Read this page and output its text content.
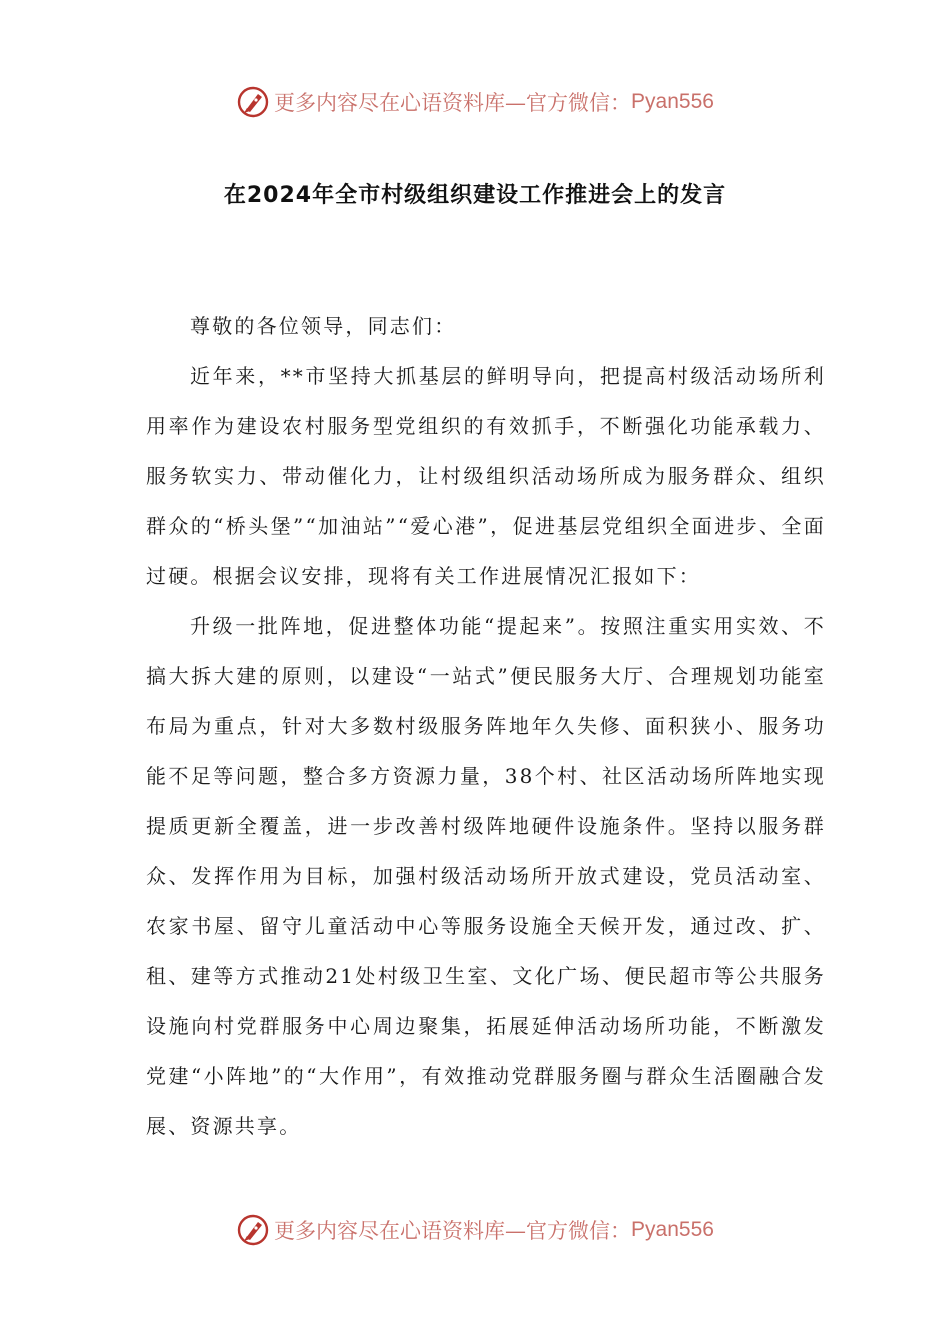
更多内容尽在心语资料库—官方微信： Pyan556
在2024年全市村级组织建设工作推进会上的发言

尊敬的各位领导，同志们：

近年来，**市坚持大抓基层的鲜明导向，把提高村级活动场所利用率作为建设农村服务型党组织的有效抓手，不断强化功能承载力、服务软实力、带动催化力，让村级组织活动场所成为服务群众、组织群众的“桥头堡”“加油站”“爱心港”，促进基层党组织全面进步、全面过硬。根据会议安排，现将有关工作进展情况汇报如下：

升级一批阵地，促进整体功能“提起来”。按照注重实用实效、不搞大拆大建的原则，以建设“一站式”便民服务大厅、合理规划功能室布局为重点，针对大多数村级服务阵地年久失修、面积狭小、服务功能不足等问题，整合多方资源力量，38个村、社区活动场所阵地实现提质更新全覆盖，进一步改善村级阵地硬件设施条件。坚持以服务群众、发挥作用为目标，加强村级活动场所开放式建设，党员活动室、农家书屋、留守儿童活动中心等服务设施全天候开发，通过改、扩、租、建等方式推动21处村级卫生室、文化广场、便民超市等公共服务设施向村党群服务中心周边聚集，拓展延伸活动场所功能，不断激发党建“小阵地”的“大作用”，有效推动党群服务圈与群众生活圈融合发展、资源共享。

更多内容尽在心语资料库—官方微信： Pyan556
